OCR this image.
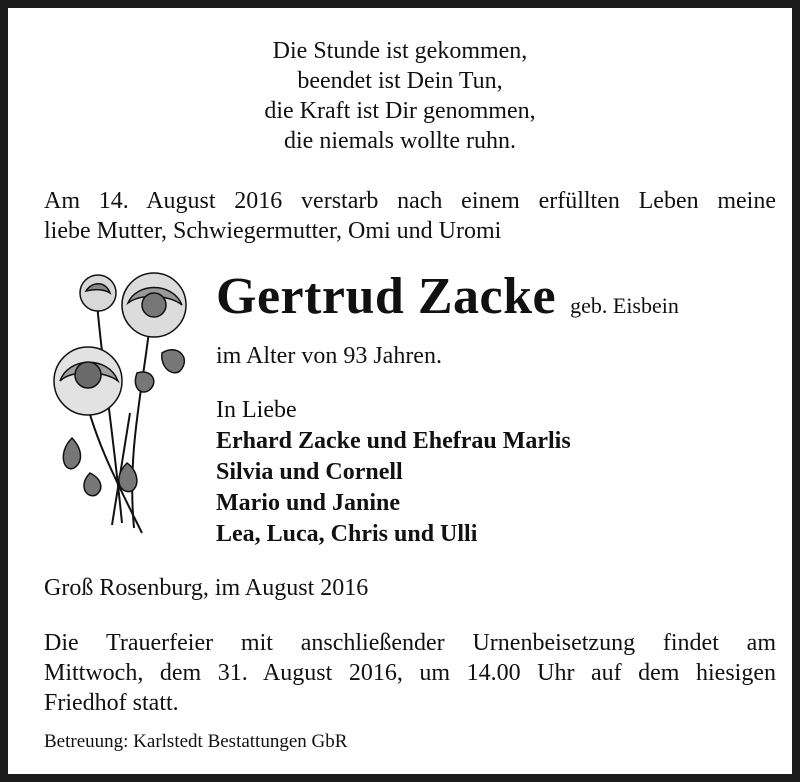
Die Stunde ist gekommen,
beendet ist Dein Tun,
die Kraft ist Dir genommen,
die niemals wollte ruhn.
Am 14. August 2016 verstarb nach einem erfüllten Leben meine
liebe Mutter, Schwiegermutter, Omi und Uromi
Gertrud Zacke geb. Eisbein
im Alter von 93 Jahren.
In Liebe
Erhard Zacke und Ehefrau Marlis
Silvia und Cornell
Mario und Janine
Lea, Luca, Chris und Ulli
Groß Rosenburg, im August 2016
Die Trauerfeier mit anschließender Urnenbeisetzung findet am
Mittwoch, dem 31. August 2016, um 14.00 Uhr auf dem hiesigen
Friedhof statt.
Betreuung: Karlstedt Bestattungen GbR
